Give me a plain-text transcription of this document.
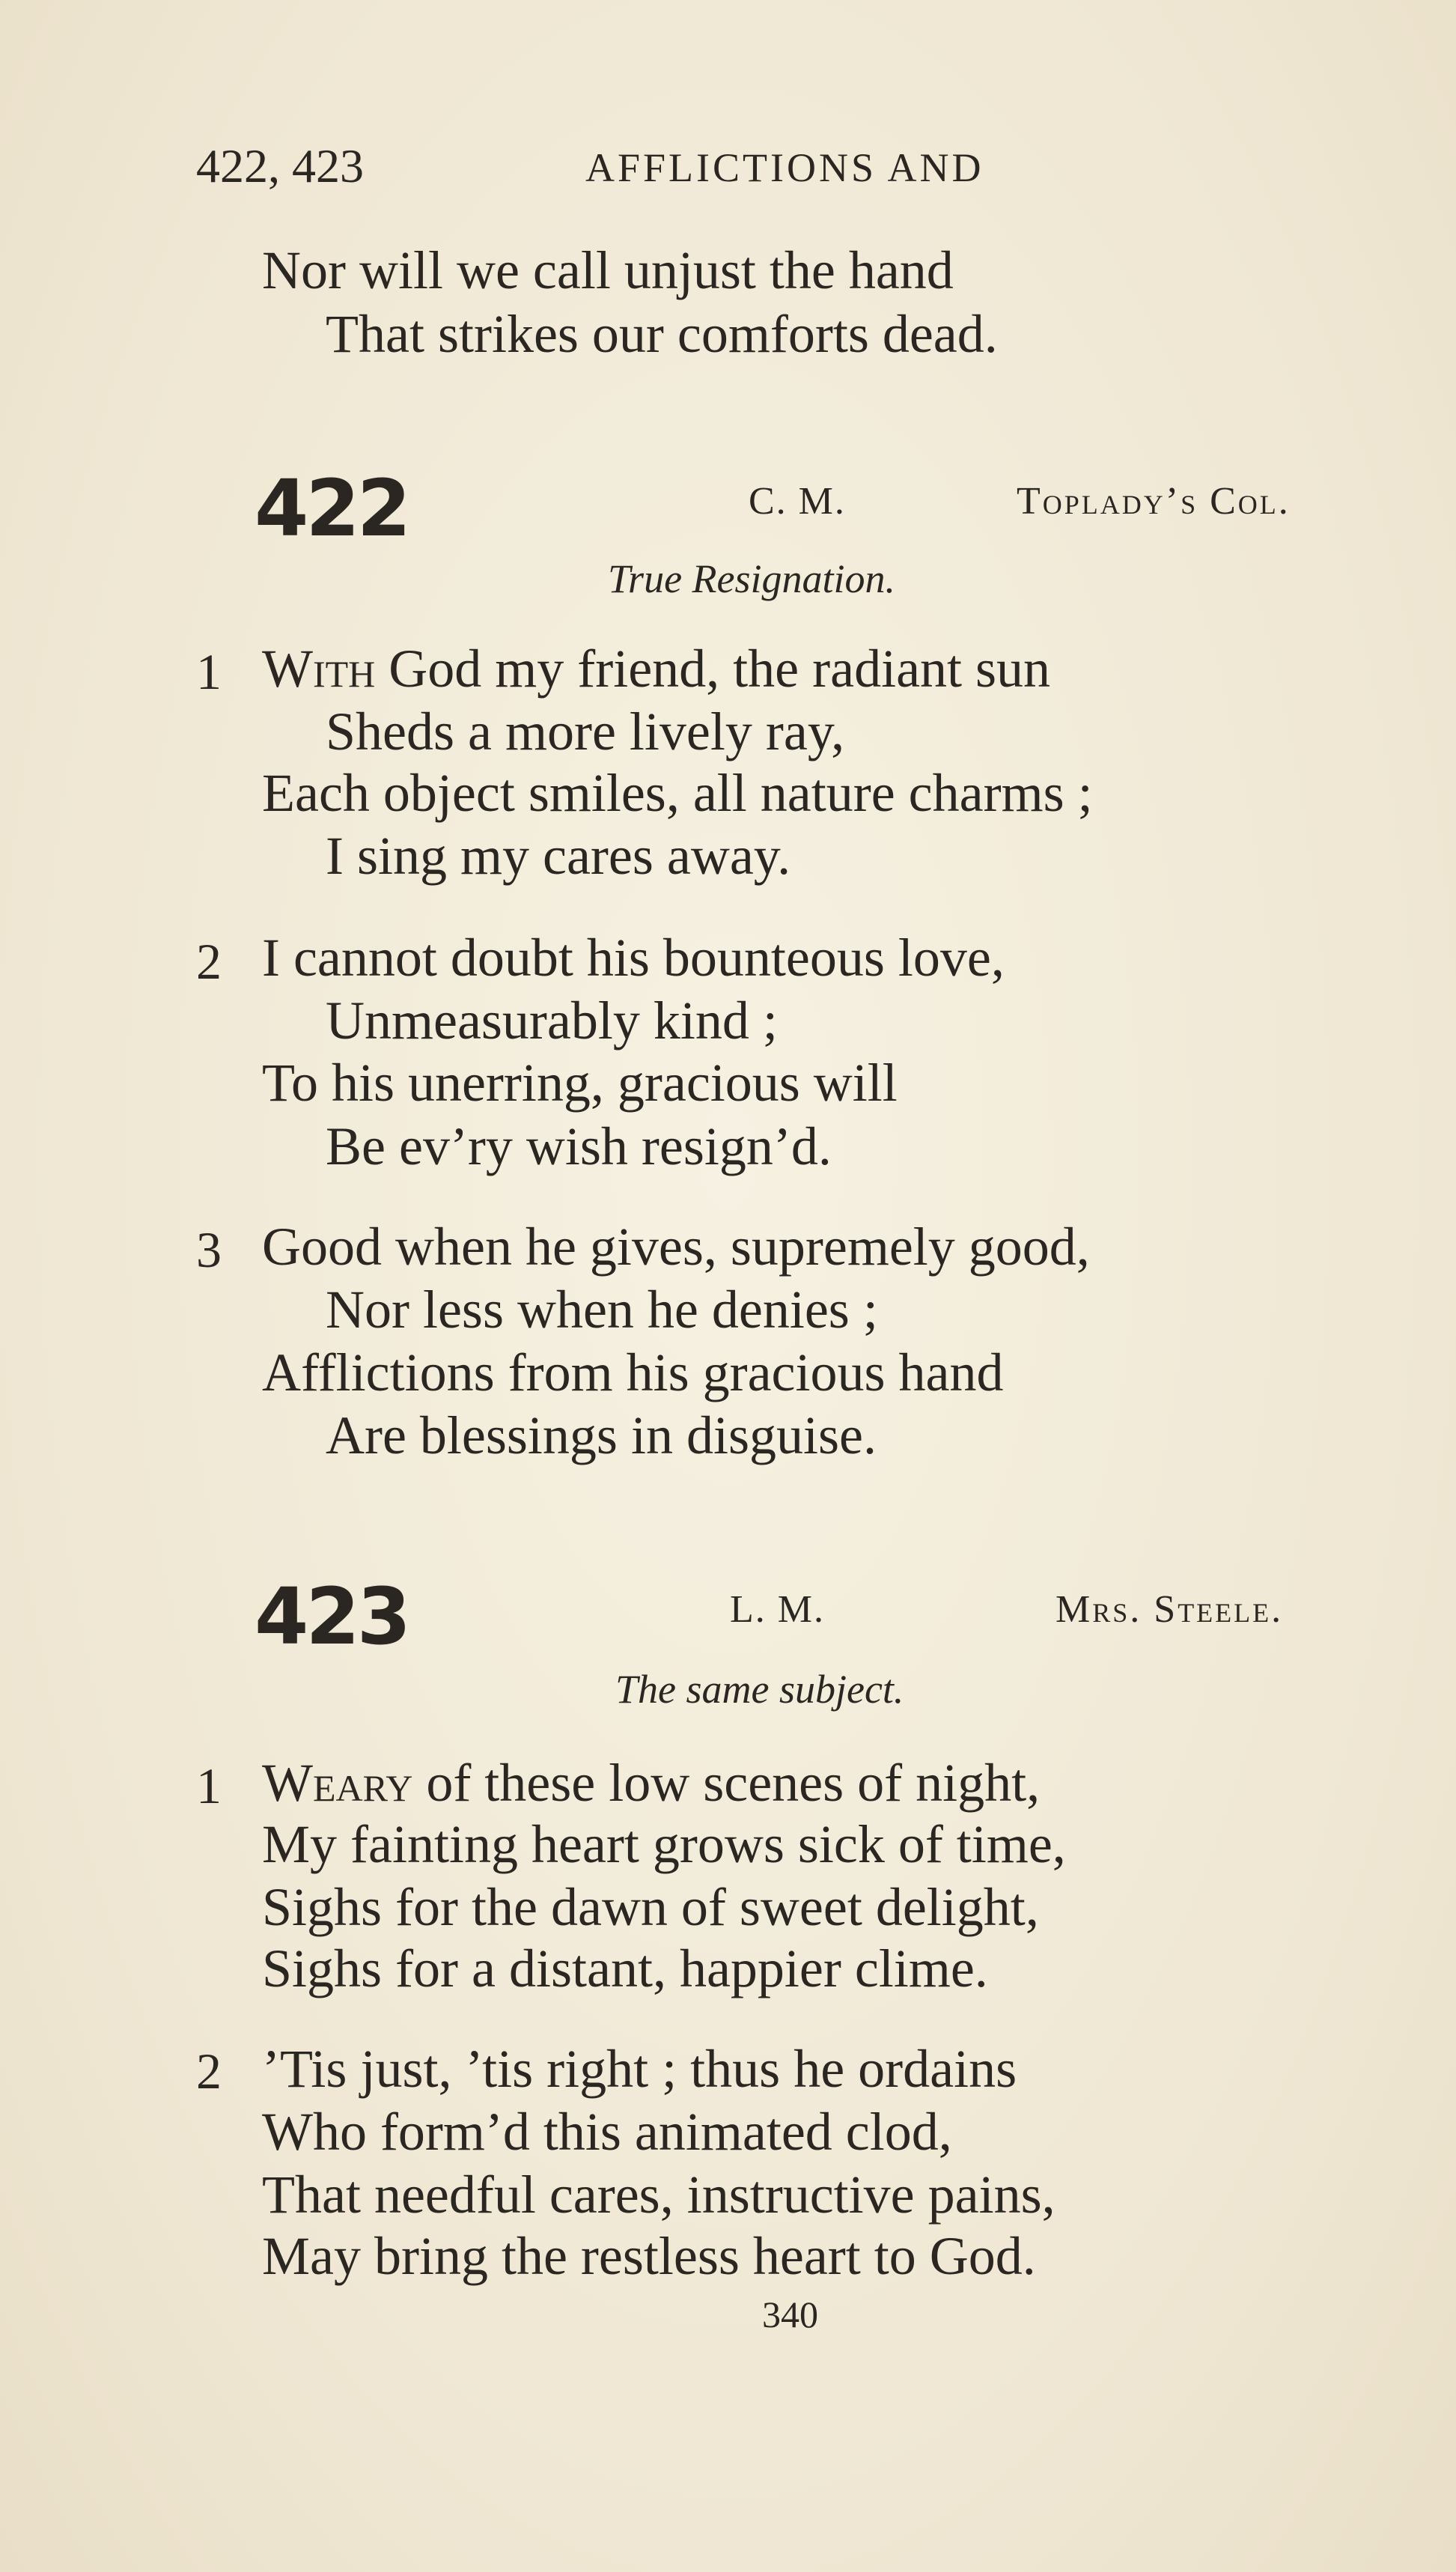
422, 423	AFFLICTIONS AND
Nor will we call unjust the hand
That strikes our comforts dead.
422	C. M.	Toplady’s Col.
True Resignation.
1 With God my friend, the radiant sun
Sheds a more lively ray,
Each object smiles, all nature charms ;
I sing my cares away.
2 I cannot doubt his bounteous love,
Unmeasurably kind ;
To his unerring, gracious will
Be ev’ry wish resign’d.
3 Good when he gives, supremely good,
Nor less when he denies ;
Afflictions from his gracious hand
Are blessings in disguise.
423	L. M.	Mrs. Steele.
The same subject.
1 Weary of these low scenes of night,
My fainting heart grows sick of time,
Sighs for the dawn of sweet delight,
Sighs for a distant, happier clime.
2 ’Tis just, ’tis right ; thus he ordains
Who form’d this animated clod,
That needful cares, instructive pains,
May bring the restless heart to God.
340
